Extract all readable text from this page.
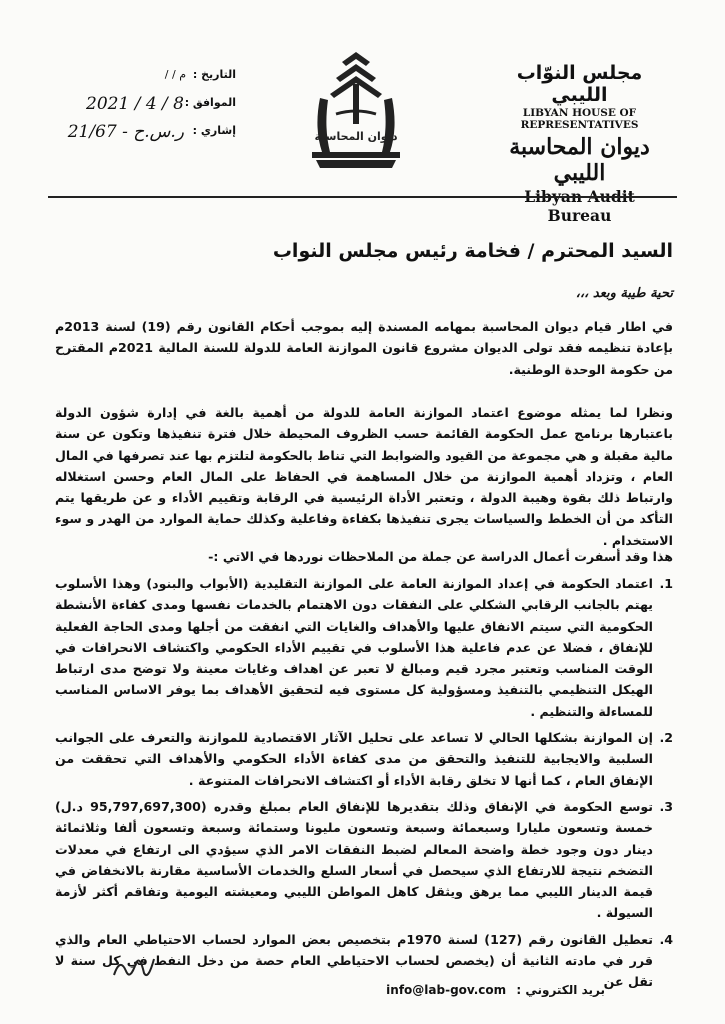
مجلس النوّاب الليبي
LIBYAN HOUSE OF REPRESENTATIVES
ديوان المحاسبة الليبي
Libyan Audit Bureau
ديوان المحاسبة
التاريخ :
/ / م
الموافق :
2021 / 4 / 8
إشاري :
21/67 - ر.س.ح
السيد المحترم / فخامة رئيس مجلس النواب
تحية طيبة وبعد ،،،
في اطار قيام ديوان المحاسبة بمهامه المسندة إليه بموجب أحكام القانون رقم (19) لسنة 2013م بإعادة تنظيمه فقد تولى الديوان مشروع قانون الموازنة العامة للدولة للسنة المالية 2021م المقترح من حكومة الوحدة الوطنية.
ونظرا لما يمثله موضوع اعتماد الموازنة العامة للدولة من أهمية بالغة في إدارة شؤون الدولة باعتبارها برنامج عمل الحكومة القائمة حسب الظروف المحيطة خلال فترة تنفيذها وتكون عن سنة مالية مقبلة و هي مجموعة من القيود والضوابط التي تناط بالحكومة لتلتزم بها عند تصرفها في المال العام ، وتزداد أهمية الموازنة من خلال المساهمة في الحفاظ على المال العام وحسن استغلاله وارتباط ذلك بقوة وهيبة الدولة ، وتعتبر الأداة الرئيسية في الرقابة وتقييم الأداء و عن طريقها يتم التأكد من أن الخطط والسياسات يجرى تنفيذها بكفاءة وفاعلية وكذلك حماية الموارد من الهدر و سوء الاستخدام .
هذا وقد أسفرت أعمال الدراسة عن جملة من الملاحظات نوردها في الاتي :-
1.
اعتماد الحكومة في إعداد الموازنة العامة على الموازنة التقليدية (الأبواب والبنود) وهذا الأسلوب يهتم بالجانب الرقابي الشكلي على النفقات دون الاهتمام بالخدمات نفسها ومدى كفاءة الأنشطة الحكومية التي سيتم الانفاق عليها والأهداف والغايات التي انفقت من أجلها ومدى الحاجة الفعلية للإنفاق ، فضلا عن عدم فاعلية هذا الأسلوب في تقييم الأداء الحكومي واكتشاف الانحرافات في الوقت المناسب وتعتبر مجرد قيم ومبالغ لا تعبر عن اهداف وغايات معينة ولا توضح مدى ارتباط الهيكل التنظيمي بالتنفيذ ومسؤولية كل مستوى فيه لتحقيق الأهداف بما يوفر الاساس المناسب للمساءلة والتنظيم .
2.
إن الموازنة بشكلها الحالي لا تساعد على تحليل الآثار الاقتصادية للموازنة والتعرف على الجوانب السلبية والايجابية للتنفيذ والتحقق من مدى كفاءة الأداء الحكومي والأهداف التي تحققت من الإنفاق العام ، كما أنها لا تخلق رقابة الأداء أو اكتشاف الانحرافات المتنوعة .
3.
توسع الحكومة في الإنفاق وذلك بتقديرها للإنفاق العام بمبلغ وقدره (95,797,697,300 د.ل) خمسة وتسعون مليارا وسبعمائة وسبعة وتسعون مليونا وستمائة وسبعة وتسعون ألفا وثلاثمائة دينار دون وجود خطة واضحة المعالم لضبط النفقات الامر الذي سيؤدي الى ارتفاع في معدلات التضخم نتيجة للارتفاع الذي سيحصل في أسعار السلع والخدمات الأساسية مقارنة بالانخفاض في قيمة الدينار الليبي مما يرهق ويثقل كاهل المواطن الليبي ومعيشته اليومية وتفاقم أكثر لأزمة السيولة .
4.
تعطيل القانون رقم (127) لسنة 1970م بتخصيص بعض الموارد لحساب الاحتياطي العام والذي قرر في مادته الثانية أن (يخصص لحساب الاحتياطي العام حصة من دخل النفط في كل سنة لا تقل عن
بريد الكتروني : info@lab-gov.com
